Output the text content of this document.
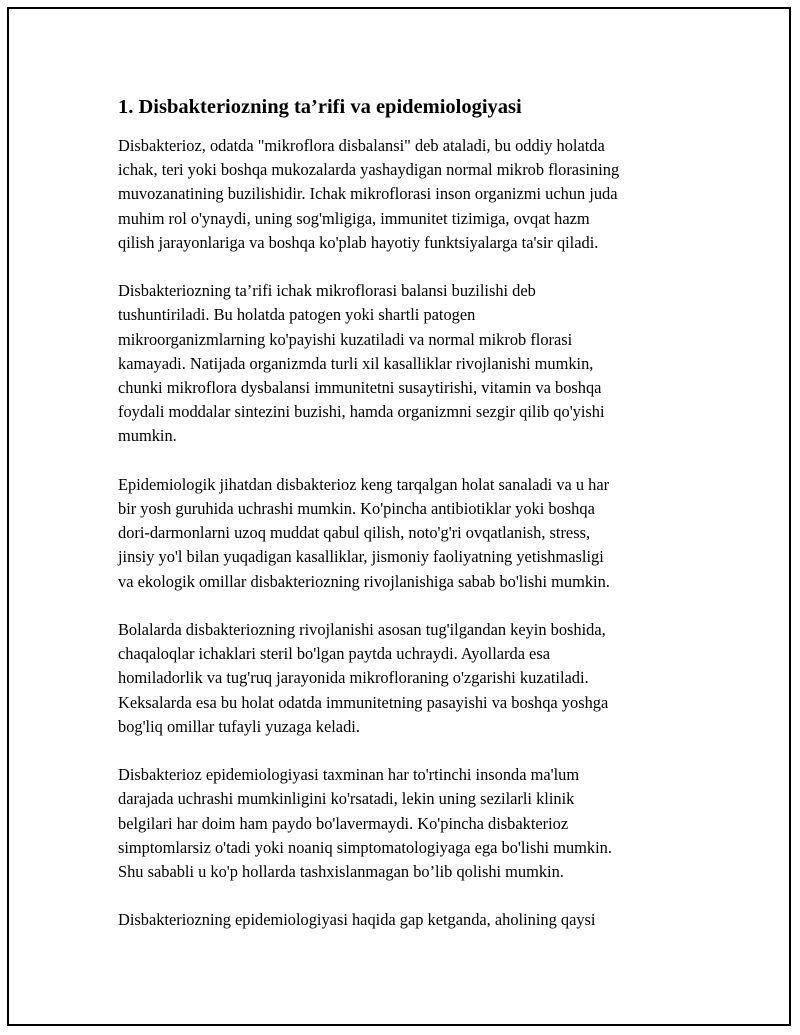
1. Disbakteriozning ta’rifi va epidemiologiyasi

Disbakterioz, odatda "mikroflora disbalansi" deb ataladi, bu oddiy holatda
ichak, teri yoki boshqa mukozalarda yashaydigan normal mikrob florasining
muvozanatining buzilishidir. Ichak mikroflorasi inson organizmi uchun juda
muhim rol o'ynaydi, uning sog'mligiga, immunitet tizimiga, ovqat hazm
qilish jarayonlariga va boshqa ko'plab hayotiy funktsiyalarga ta'sir qiladi.

Disbakteriozning ta’rifi ichak mikroflorasi balansi buzilishi deb
tushuntiriladi. Bu holatda patogen yoki shartli patogen
mikroorganizmlarning ko'payishi kuzatiladi va normal mikrob florasi
kamayadi. Natijada organizmda turli xil kasalliklar rivojlanishi mumkin,
chunki mikroflora dysbalansi immunitetni susaytirishi, vitamin va boshqa
foydali moddalar sintezini buzishi, hamda organizmni sezgir qilib qo'yishi
mumkin.

Epidemiologik jihatdan disbakterioz keng tarqalgan holat sanaladi va u har
bir yosh guruhida uchrashi mumkin. Ko'pincha antibiotiklar yoki boshqa
dori-darmonlarni uzoq muddat qabul qilish, noto'g'ri ovqatlanish, stress,
jinsiy yo'l bilan yuqadigan kasalliklar, jismoniy faoliyatning yetishmasligi
va ekologik omillar disbakteriozning rivojlanishiga sabab bo'lishi mumkin.

Bolalarda disbakteriozning rivojlanishi asosan tug'ilgandan keyin boshida,
chaqaloqlar ichaklari steril bo'lgan paytda uchraydi. Ayollarda esa
homiladorlik va tug'ruq jarayonida mikrofloraning o'zgarishi kuzatiladi.
Keksalarda esa bu holat odatda immunitetning pasayishi va boshqa yoshga
bog'liq omillar tufayli yuzaga keladi.

Disbakterioz epidemiologiyasi taxminan har to'rtinchi insonda ma'lum
darajada uchrashi mumkinligini ko'rsatadi, lekin uning sezilarli klinik
belgilari har doim ham paydo bo'lavermaydi. Ko'pincha disbakterioz
simptomlarsiz o'tadi yoki noaniq simptomatologiyaga ega bo'lishi mumkin.
Shu sababli u ko'p hollarda tashxislanmagan bo’lib qolishi mumkin.

Disbakteriozning epidemiologiyasi haqida gap ketganda, aholining qaysi
